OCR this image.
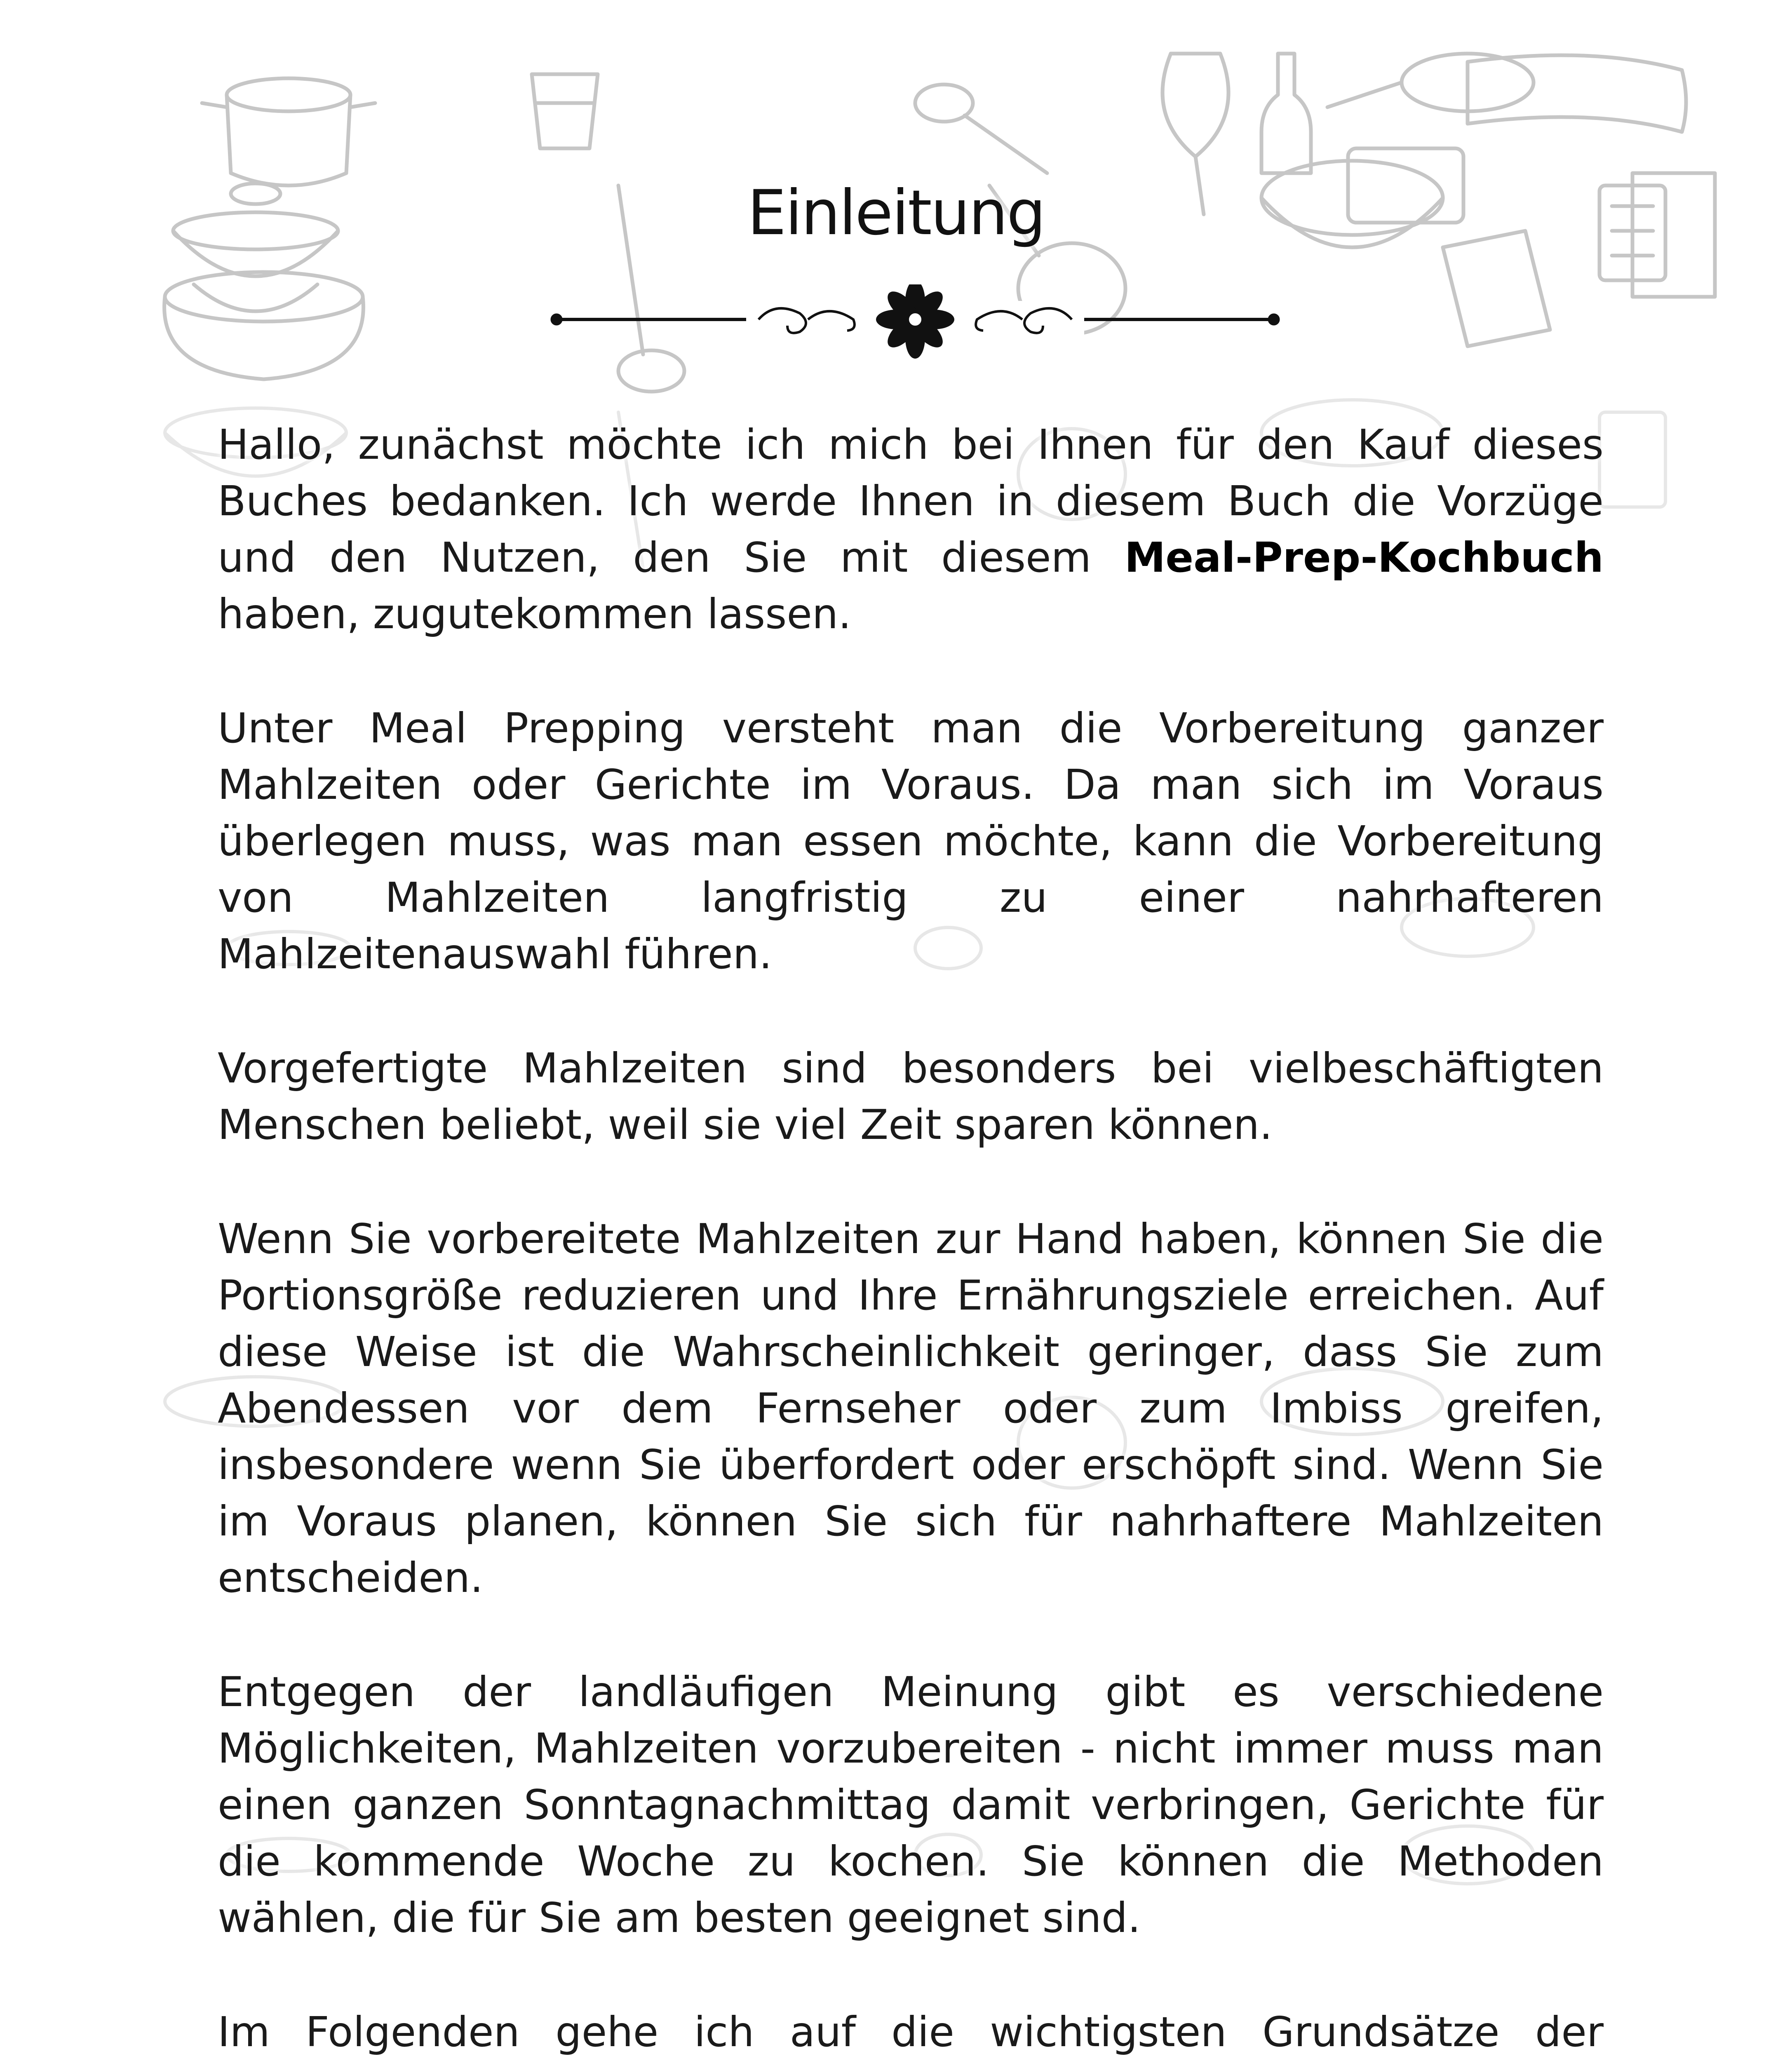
Einleitung

Hallo, zunächst möchte ich mich bei Ihnen für den Kauf dieses Buches bedanken. Ich werde Ihnen in diesem Buch die Vorzüge und den Nutzen, den Sie mit diesem Meal-Prep-Kochbuch haben, zugutekommen lassen.

Unter Meal Prepping versteht man die Vorbereitung ganzer Mahlzeiten oder Gerichte im Voraus. Da man sich im Voraus überlegen muss, was man essen möchte, kann die Vorbereitung von Mahlzeiten langfristig zu einer nahrhafteren Mahlzeitenauswahl führen.

Vorgefertigte Mahlzeiten sind besonders bei vielbeschäftigten Menschen beliebt, weil sie viel Zeit sparen können.

Wenn Sie vorbereitete Mahlzeiten zur Hand haben, können Sie die Portionsgröße reduzieren und Ihre Ernährungsziele erreichen. Auf diese Weise ist die Wahrscheinlichkeit geringer, dass Sie zum Abendessen vor dem Fernseher oder zum Imbiss greifen, insbesondere wenn Sie überfordert oder erschöpft sind. Wenn Sie im Voraus planen, können Sie sich für nahrhaftere Mahlzeiten entscheiden.

Entgegen der landläufigen Meinung gibt es verschiedene Möglichkeiten, Mahlzeiten vorzubereiten - nicht immer muss man einen ganzen Sonntagnachmittag damit verbringen, Gerichte für die kommende Woche zu kochen. Sie können die Methoden wählen, die für Sie am besten geeignet sind.

Im Folgenden gehe ich auf die wichtigsten Grundsätze der
